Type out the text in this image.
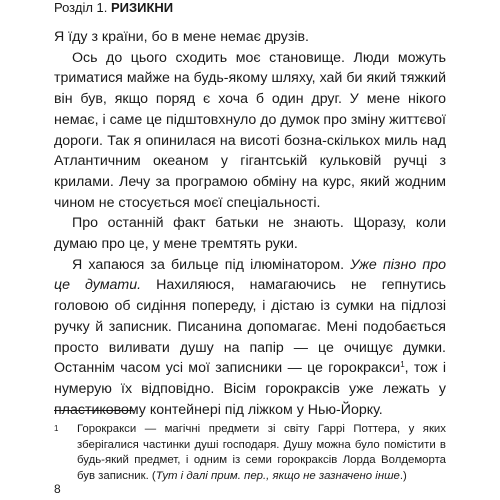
Розділ 1. РИЗИКНИ

Я їду з країни, бо в мене немає друзів.

Ось до цього сходить моє становище. Люди можуть триматися майже на будь-якому шляху, хай би який тяжкий він був, якщо поряд є хоча б один друг. У мене нікого немає, і саме це підштовхнуло до думок про зміну життєвої дороги. Так я опинилася на висоті бозна-скількох миль над Атлантичним океаном у гігантській кульковій ручці з крилами. Лечу за програмою обміну на курс, який жодним чином не стосується моєї спеціальності.

Про останній факт батьки не знають. Щоразу, коли думаю про це, у мене тремтять руки.

Я хапаюся за бильце під ілюмінатором. Уже пізно про це думати. Нахиляюся, намагаючись не гепнутись головою об сидіння попереду, і дістаю із сумки на підлозі ручку й записник. Писанина допомагає. Мені подобається просто виливати душу на папір — це очищує думки. Останнім часом усі мої записники — це горокракси$^1$, тож і нумерую їх відповідно. Вісім горокраксів уже лежать у пластиковому контейнері під ліжком у Нью-Йорку.

1 Горокракси — магічні предмети зі світу Гаррі Поттера, у яких зберігалися частинки душі господаря. Душу можна було помістити в будь-який предмет, і одним із семи горокраксів Лорда Волдеморта був записник. (Тут і далі прим. пер., якщо не зазначено інше.)
8
